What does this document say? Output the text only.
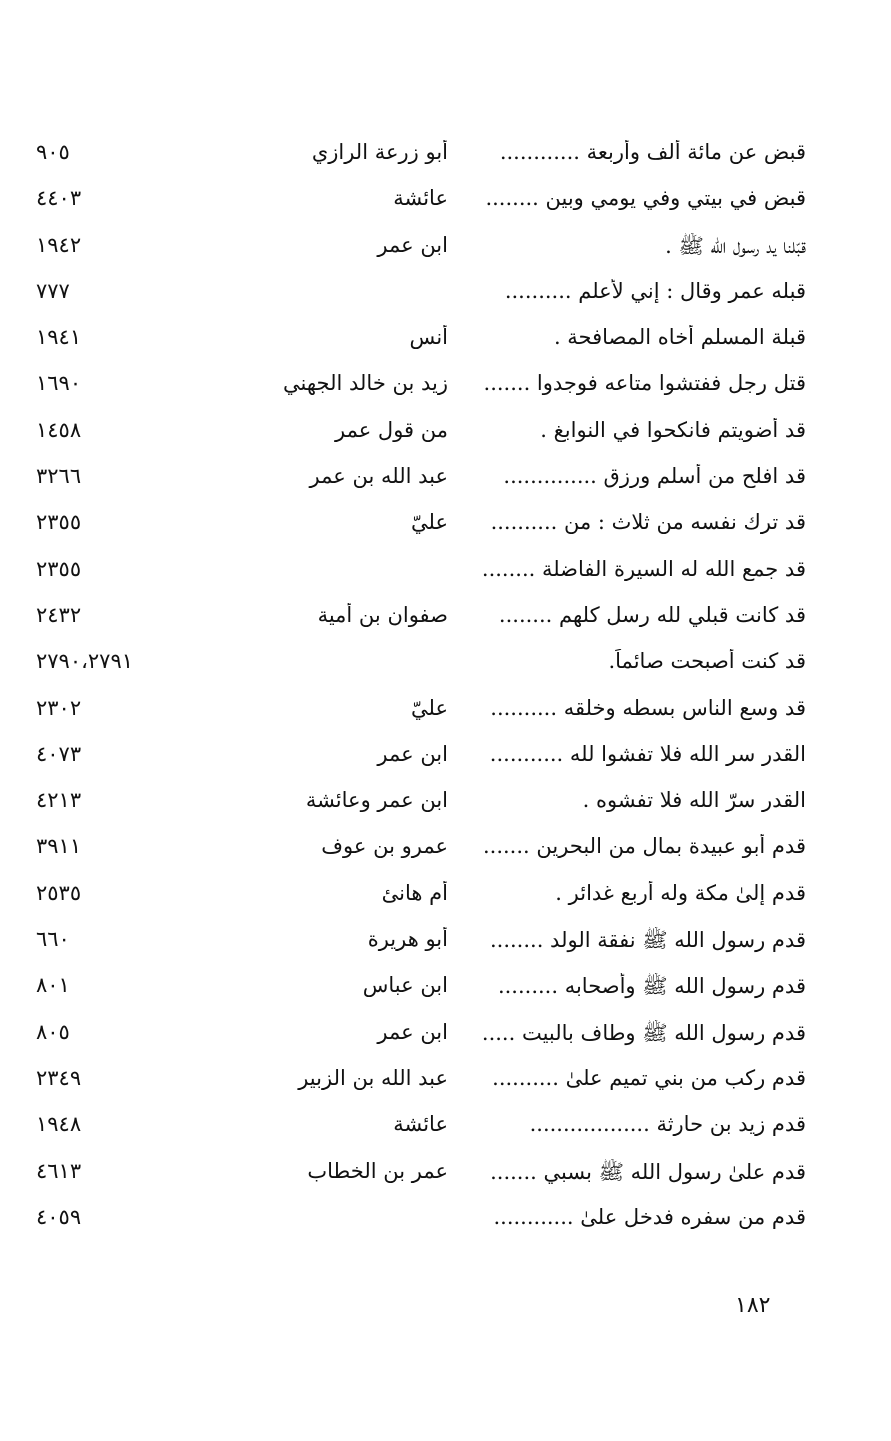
قبض عن مائة ألف وأربعة ............
أبو زرعة الرازي
٩٠٥
قبض في بيتي وفي يومي وبين ........
عائشة
٤٤٠٣
قبّلنا يد رسول الله ﷺ .
ابن عمر
١٩٤٢
قبله عمر وقال : إني لأعلم ..........
٧٧٧
قبلة المسلم أخاه المصافحة .
أنس
١٩٤١
قتل رجل ففتشوا متاعه فوجدوا .......
زيد بن خالد الجهني
١٦٩٠
قد أضويتم فانكحوا في النوابغ .
من قول عمر
١٤٥٨
قد افلح من أسلم ورزق ..............
عبد الله بن عمر
٣٢٦٦
قد ترك نفسه من ثلاث : من ..........
عليّ
٢٣٥٥
قد جمع الله له السيرة الفاضلة ........
٢٣٥٥
قد كانت قبلي لله رسل كلهم ........
صفوان بن أمية
٢٤٣٢
قد كنت أصبحت صائماً.
٢٧٩٠،٢٧٩١
قد وسع الناس بسطه وخلقه ..........
عليّ
٢٣٠٢
القدر سر الله فلا تفشوا لله ...........
ابن عمر
٤٠٧٣
القدر سرّ الله فلا تفشوه .
ابن عمر وعائشة
٤٢١٣
قدم أبو عبيدة بمال من البحرين .......
عمرو بن عوف
٣٩١١
قدم إلىٰ مكة وله أربع غدائر .
أم هانئ
٢٥٣٥
قدم رسول الله ﷺ نفقة الولد ........
أبو هريرة
٦٦٠
قدم رسول الله ﷺ وأصحابه .........
ابن عباس
٨٠١
قدم رسول الله ﷺ وطاف بالبيت .....
ابن عمر
٨٠٥
قدم ركب من بني تميم علىٰ ..........
عبد الله بن الزبير
٢٣٤٩
قدم زيد بن حارثة ..................
عائشة
١٩٤٨
قدم علىٰ رسول الله ﷺ بسبي .......
عمر بن الخطاب
٤٦١٣
قدم من سفره فدخل علىٰ ............
٤٠٥٩
١٨٢
